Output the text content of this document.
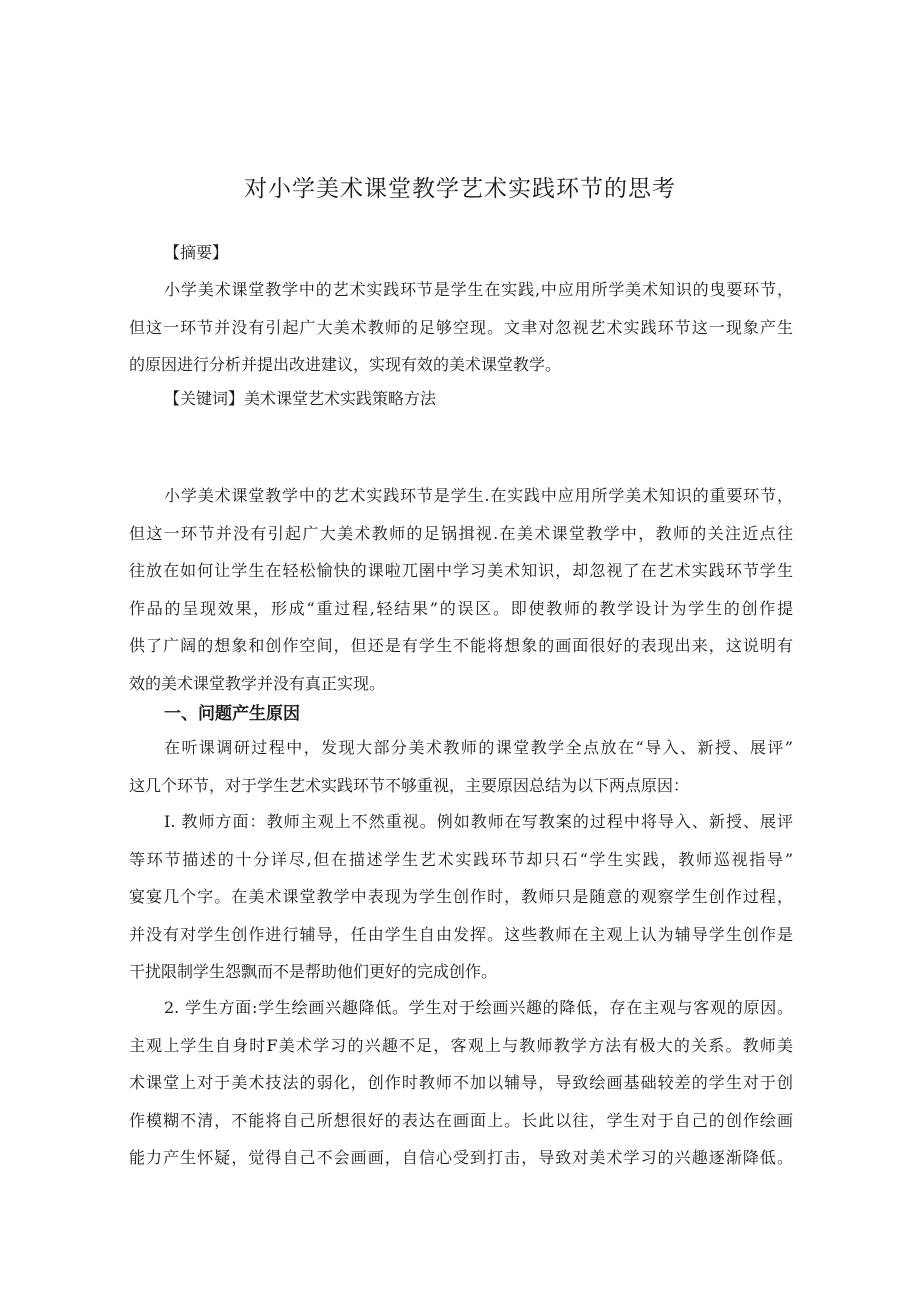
对小学美术课堂教学艺术实践环节的思考
【摘要】
小学美术课堂教学中的艺术实践环节是学生在实践,中应用所学美术知识的曳要环节，
但这一环节并没有引起广大美术教师的足够空现。文聿对忽视艺术实践环节这一现象产生
的原因进行分析并提出改进建议，实现有效的美术课堂教学。
【关键词】美术课堂艺术实践策略方法
小学美术课堂教学中的艺术实践环节是学生.在实践中应用所学美术知识的重要环节，
但这一环节并没有引起广大美术教师的足锅揖视.在美术课堂教学中，教师的关注近点往
往放在如何让学生在轻松愉快的课啦兀圉中学习美术知识，却忽视了在艺术实践环节学生
作品的呈现效果，形成“重过程,轻结果”的误区。即使教师的教学设计为学生的创作提
供了广阔的想象和创作空间，但还是有学生不能将想象的画面很好的表现出来，这说明有
效的美术课堂教学并没有真正实现。
一、问题产生原因
在听课调研过程中，发现大部分美术教师的课堂教学全点放在“导入、新授、展评”
这几个环节，对于学生艺术实践环节不够重视，主要原因总结为以下两点原因：
I. 教师方面：教师主观上不然重视。例如教师在写教案的过程中将导入、新授、展评
等环节描述的十分详尽,但在描述学生艺术实践环节却只石“学生实践，教师巡视指导”
宴宴几个字。在美术课堂教学中表现为学生创作时，教师只是随意的观察学生创作过程，
并没有对学生创作进行辅导，任由学生自由发挥。这些教师在主观上认为辅导学生创作是
干扰限制学生怨飘而不是帮助他们更好的完成创作。
2. 学生方面:学生绘画兴趣降低。学生对于绘画兴趣的降低，存在主观与客观的原因。
主观上学生自身时F美术学习的兴趣不足，客观上与教师教学方法有极大的关系。教师美
术课堂上对于美术技法的弱化，创作时教师不加以辅导，导致绘画基础较差的学生对于创
作模糊不清，不能将自己所想很好的表达在画面上。长此以往，学生对于自己的创作绘画
能力产生怀疑，觉得自己不会画画，自信心受到打击，导致对美术学习的兴趣逐渐降低。
